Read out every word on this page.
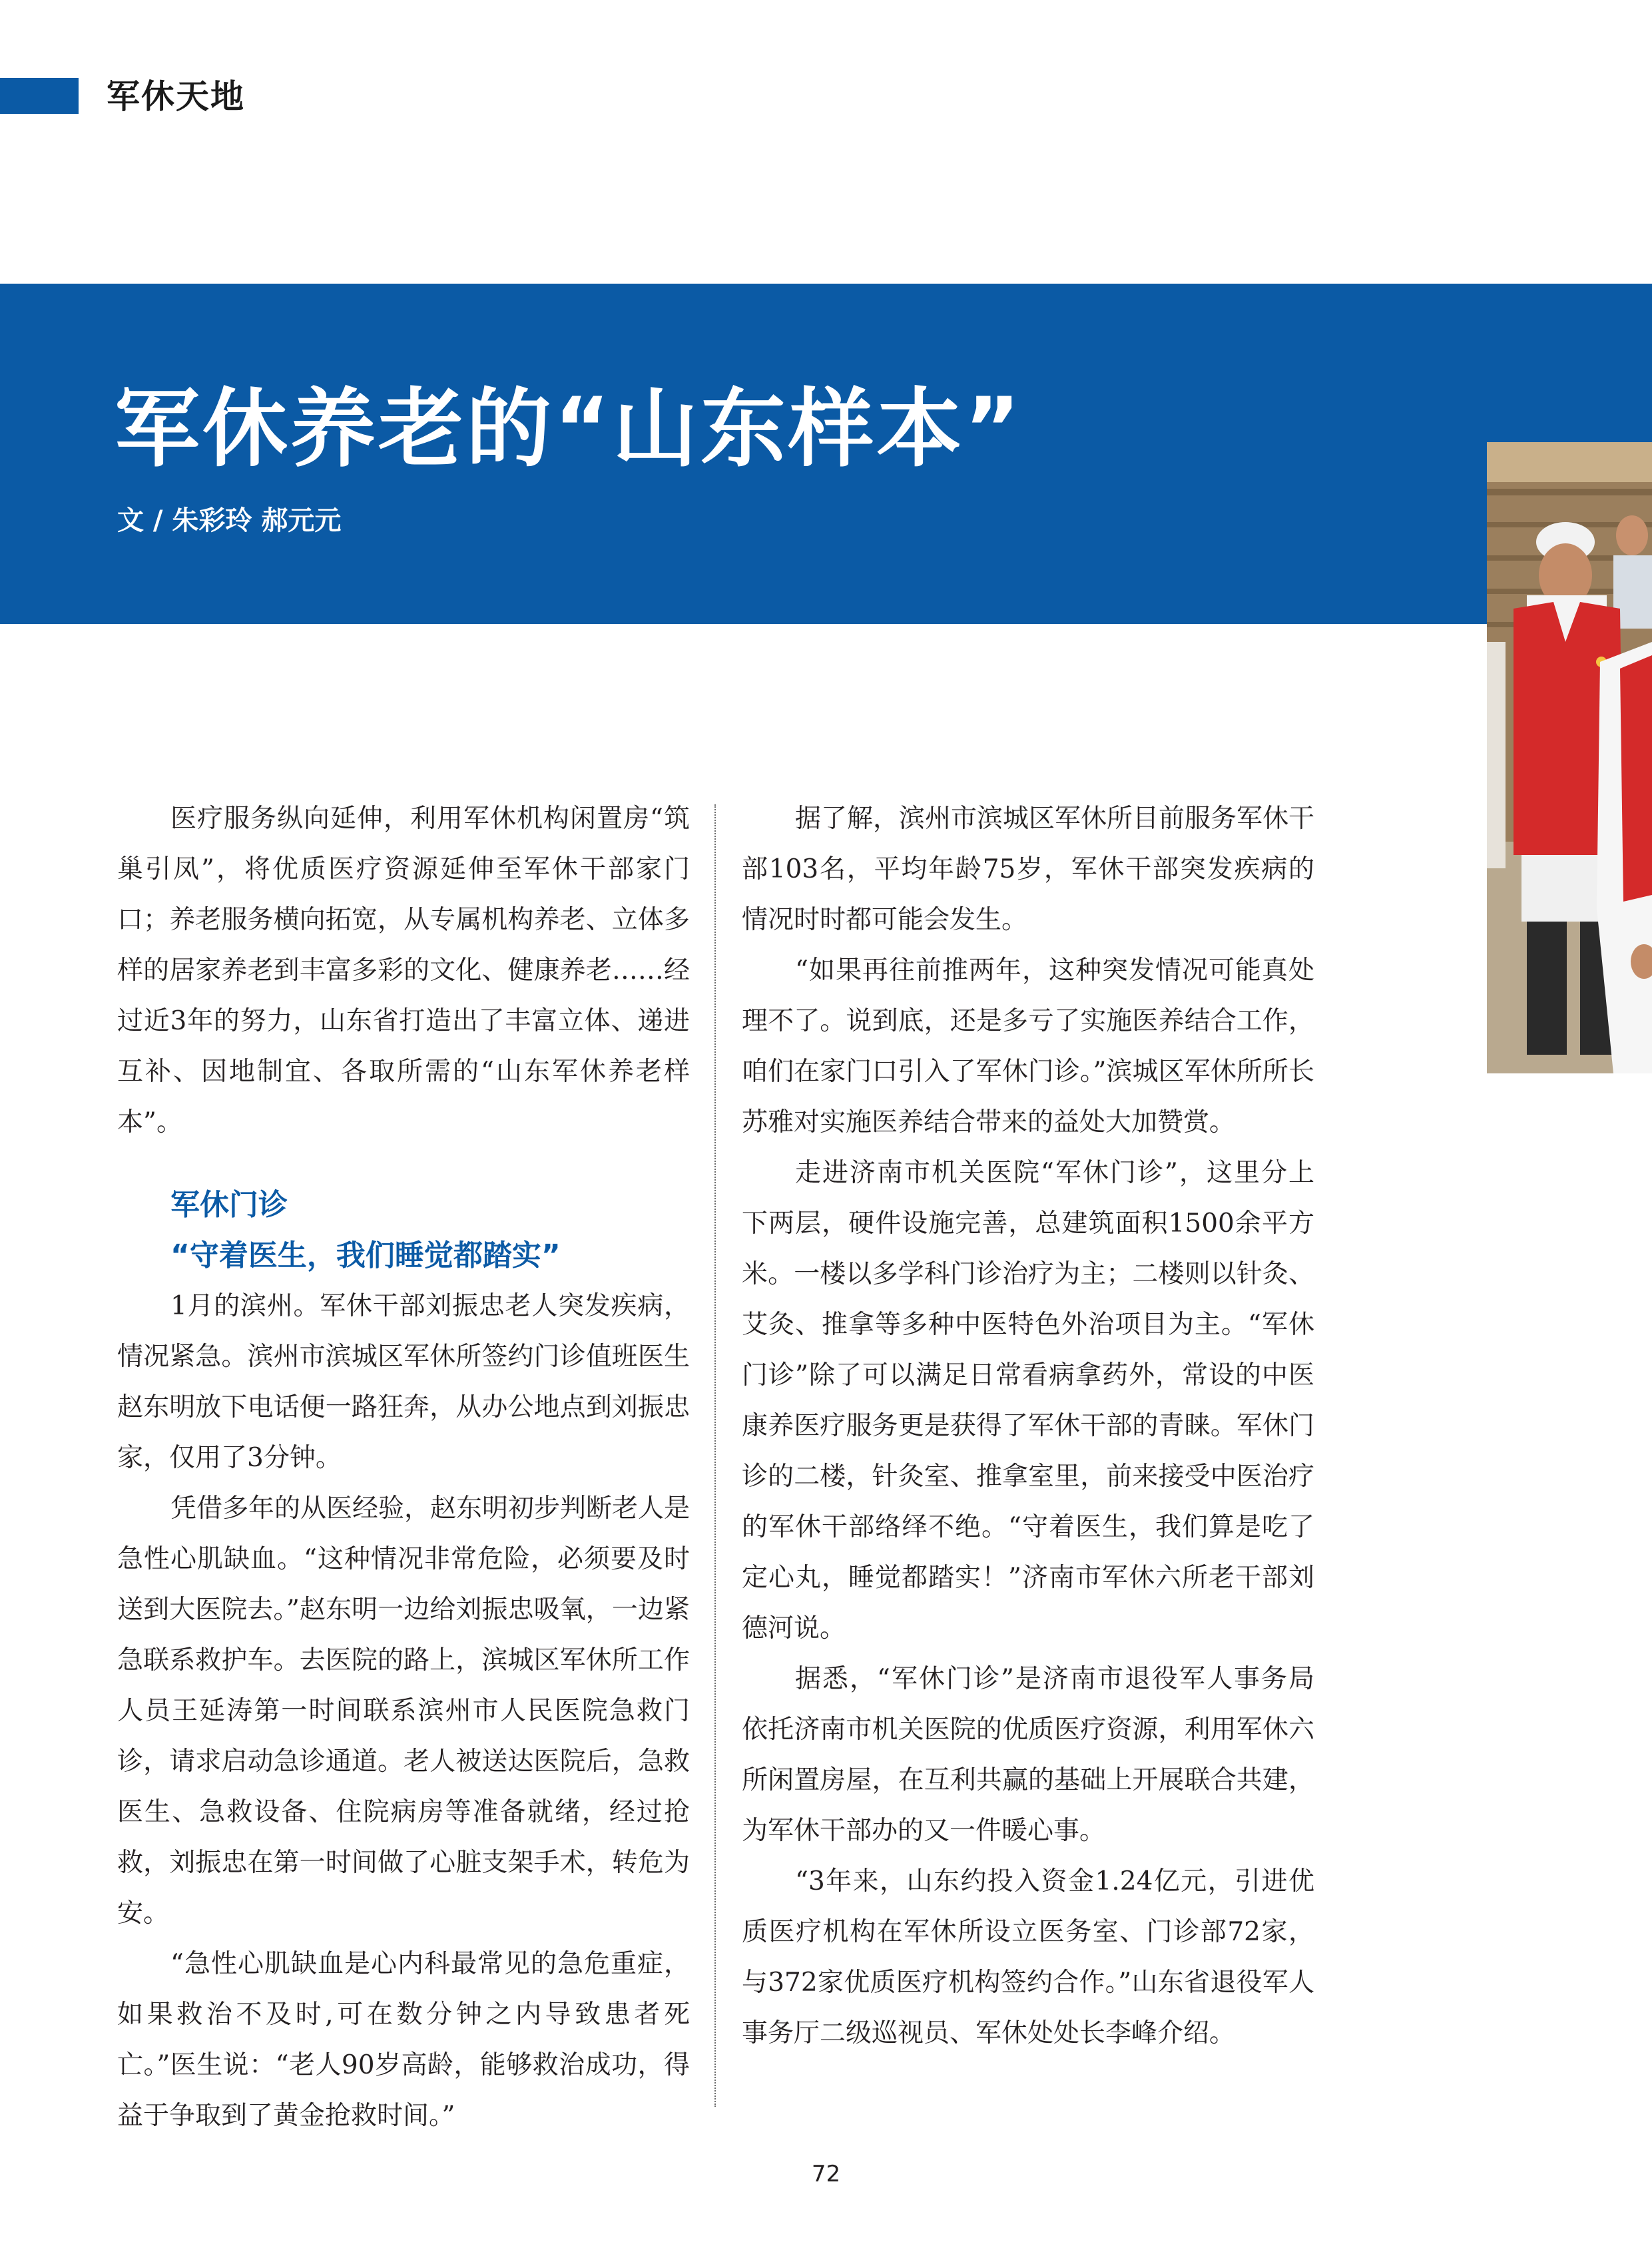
军休天地
军休养老的“山东样本”
文 / 朱彩玲 郝元元

医疗服务纵向延伸，利用军休机构闲置房“筑巢引凤”，将优质医疗资源延伸至军休干部家门口；养老服务横向拓宽，从专属机构养老、立体多样的居家养老到丰富多彩的文化、健康养老……经过近3年的努力，山东省打造出了丰富立体、递进互补、因地制宜、各取所需的“山东军休养老样本”。

军休门诊

“守着医生，我们睡觉都踏实”

1月的滨州。军休干部刘振忠老人突发疾病，情况紧急。滨州市滨城区军休所签约门诊值班医生赵东明放下电话便一路狂奔，从办公地点到刘振忠家，仅用了3分钟。

凭借多年的从医经验，赵东明初步判断老人是急性心肌缺血。“这种情况非常危险，必须要及时送到大医院去。”赵东明一边给刘振忠吸氧，一边紧急联系救护车。去医院的路上，滨城区军休所工作人员王延涛第一时间联系滨州市人民医院急救门诊，请求启动急诊通道。老人被送达医院后，急救医生、急救设备、住院病房等准备就绪，经过抢救，刘振忠在第一时间做了心脏支架手术，转危为安。

“急性心肌缺血是心内科最常见的急危重症，如果救治不及时,可在数分钟之内导致患者死亡。”医生说：“老人90岁高龄，能够救治成功，得益于争取到了黄金抢救时间。”

据了解，滨州市滨城区军休所目前服务军休干部103名，平均年龄75岁，军休干部突发疾病的情况时时都可能会发生。

“如果再往前推两年，这种突发情况可能真处理不了。说到底，还是多亏了实施医养结合工作，咱们在家门口引入了军休门诊。”滨城区军休所所长苏雅对实施医养结合带来的益处大加赞赏。

走进济南市机关医院“军休门诊”，这里分上下两层，硬件设施完善，总建筑面积1500余平方米。一楼以多学科门诊治疗为主；二楼则以针灸、艾灸、推拿等多种中医特色外治项目为主。“军休门诊”除了可以满足日常看病拿药外，常设的中医康养医疗服务更是获得了军休干部的青睐。军休门诊的二楼，针灸室、推拿室里，前来接受中医治疗的军休干部络绎不绝。“守着医生，我们算是吃了定心丸，睡觉都踏实！”济南市军休六所老干部刘德河说。

据悉，“军休门诊”是济南市退役军人事务局依托济南市机关医院的优质医疗资源，利用军休六所闲置房屋，在互利共赢的基础上开展联合共建，为军休干部办的又一件暖心事。

“3年来，山东约投入资金1.24亿元，引进优质医疗机构在军休所设立医务室、门诊部72家，与372家优质医疗机构签约合作。”山东省退役军人事务厅二级巡视员、军休处处长李峰介绍。

72
